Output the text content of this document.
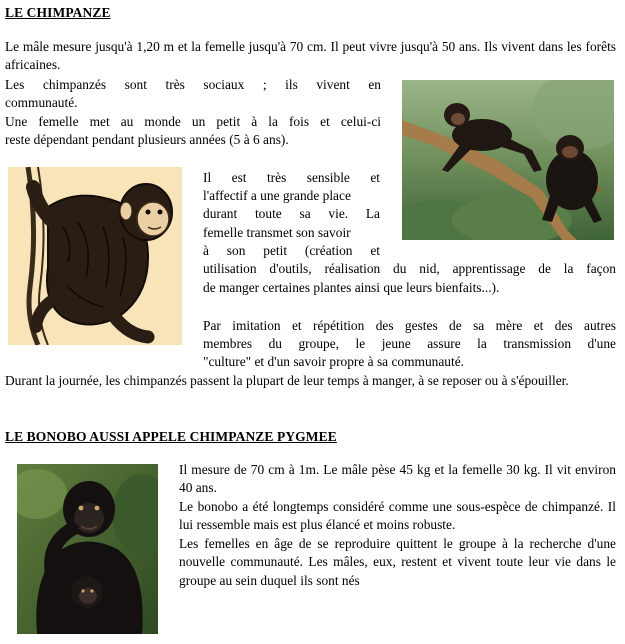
LE CHIMPANZE
Le mâle mesure jusqu'à 1,20 m et la femelle jusqu'à 70 cm. Il peut vivre jusqu'à 50 ans. Ils vivent dans les forêts africaines.
Les chimpanzés sont très sociaux ; ils vivent en
communauté.
Une femelle met au monde un petit à la fois et celui-ci
reste dépendant pendant plusieurs années (5 à 6 ans).
Il est très sensible et
l'affectif a une grande place
durant toute sa vie. La
femelle transmet son savoir
à son petit (création et
utilisation d'outils, réalisation du nid, apprentissage de la façon
de manger certaines plantes ainsi que leurs bienfaits...).
Par imitation et répétition des gestes de sa mère et des autres
membres du groupe, le jeune assure la transmission d'une
"culture" et d'un savoir propre à sa communauté.
Durant la journée, les chimpanzés passent la plupart de leur temps à manger, à se reposer ou à s'épouiller.
LE BONOBO AUSSI APPELE CHIMPANZE PYGMEE
Il mesure de 70 cm à 1m. Le mâle pèse 45 kg et la femelle 30 kg. Il vit environ 40 ans.
Le bonobo a été longtemps considéré comme une sous-espèce de chimpanzé. Il lui ressemble mais est plus élancé et moins robuste.
Les femelles en âge de se reproduire quittent le groupe à la recherche d'une nouvelle communauté. Les mâles, eux, restent et vivent toute leur vie dans le groupe au sein duquel ils sont nés
